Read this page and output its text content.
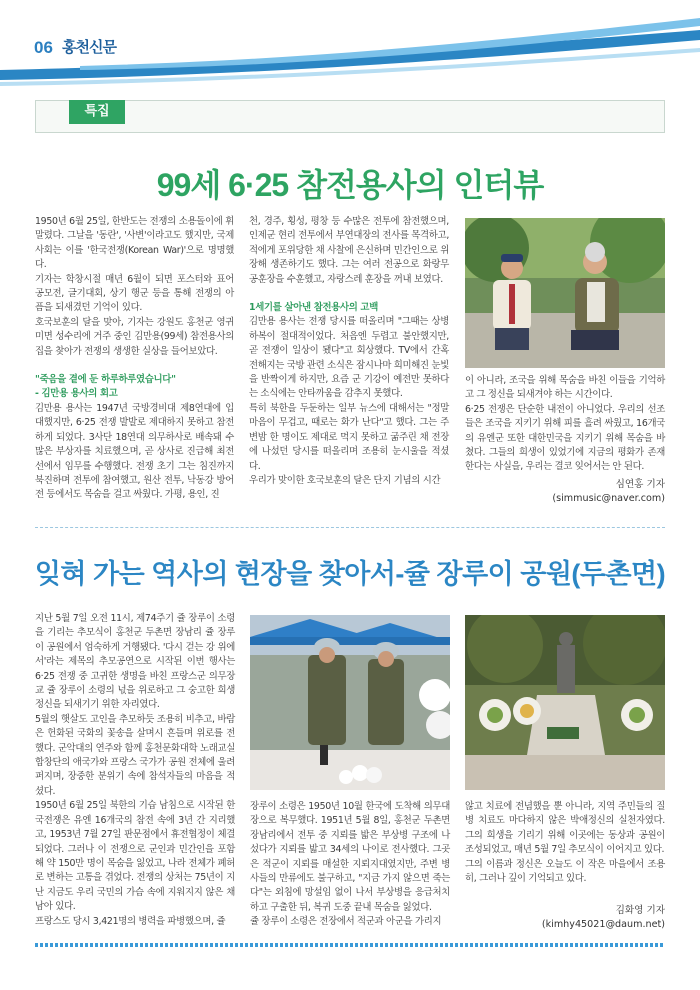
06 홍천신문
특집
99세 6·25 참전용사의 인터뷰

1950년 6월 25일, 한반도는 전쟁의 소용돌이에 휘말렸다. 그날을 '동란', '사변'이라고도 했지만, 국제사회는 이를 '한국전쟁(Korean War)'으로 명명했다.

기자는 학창시절 매년 6월이 되면 포스터와 표어 공모전, 글기대회, 상기 행군 등을 통해 전쟁의 아픔을 되새겼던 기억이 있다.

호국보훈의 달을 맞아, 기자는 강원도 홍천군 영귀미면 성수리에 거주 중인 김만용(99세) 참전용사의 집을 찾아가 전쟁의 생생한 실상을 들어보았다.

"죽음을 곁에 둔 하루하루였습니다"

- 김만용 용사의 회고

김만용 용사는 1947년 국방경비대 제8연대에 입대했지만, 6·25 전쟁 발발로 제대하지 못하고 참전하게 되었다. 3사단 18연대 의무하사로 배속돼 수많은 부상자를 치료했으며, 곧 상사로 진급해 최전선에서 임무를 수행했다. 전쟁 초기 그는 침진까지 북진하며 전투에 참여했고, 원산 전투, 낙동강 방어전 등에서도 목숨을 걸고 싸웠다. 가평, 용인, 진

천, 경주, 횡성, 평창 등 수많은 전투에 참전했으며, 인제군 현리 전투에서 부연대장의 전사를 목격하고, 적에게 포위당한 채 사찰에 은신하며 민간인으로 위장해 생존하기도 했다. 그는 여러 전공으로 화랑무공훈장을 수훈했고, 자랑스레 훈장을 꺼내 보였다.

1세기를 살아낸 참전용사의 고백

김만용 용사는 전쟁 당시를 떠올리며 "그때는 상병하복이 절대적이었다. 처음엔 두렵고 불안했지만, 곧 전쟁이 일상이 됐다"고 회상했다. TV에서 간혹 전해지는 국방 관련 소식은 잠시나마 희미해진 눈빛을 반짝이게 하지만, 요즘 군 기강이 예전만 못하다는 소식에는 안타까움을 감추지 못했다.

특히 북한을 두둔하는 일부 뉴스에 대해서는 "정말 마음이 무겁고, 때로는 화가 난다"고 했다. 그는 주변밤 한 명이도 제대로 먹지 못하고 굶주린 채 전장에 나섰던 당시를 떠올리며 조용히 눈시울을 적셨다.

우리가 맞이한 호국보훈의 달은 단지 기념의 시간

이 아니라, 조국을 위해 목숨을 바친 이들을 기억하고 그 정신을 되새겨야 하는 시간이다.

6·25 전쟁은 단순한 내전이 아니었다. 우리의 선조들은 조국을 지키기 위해 피를 흘려 싸웠고, 16개국의 유엔군 또한 대한민국을 지키기 위해 목숨을 바쳤다. 그들의 희생이 있었기에 지금의 평화가 존재한다는 사실을, 우리는 결코 잊어서는 안 된다.

심연홍 기자
(simmusic@naver.com)
잊혀 가는 역사의 현장을 찾아서-쥴 장루이 공원(두촌면)

지난 5월 7일 오전 11시, 제74주기 쥴 장루이 소령을 기리는 추모식이 홍천군 두촌면 장남리 쥴 장루이 공원에서 엄숙하게 거행됐다. '다시 걷는 강 위에서'라는 제목의 추모공연으로 시작된 이번 행사는 6·25 전쟁 중 고귀한 생명을 바친 프랑스군 의무장교 쥴 장루이 소령의 넋을 위로하고 그 숭고한 희생정신을 되새기기 위한 자리였다.

5월의 햇살도 고인을 추모하듯 조용히 비추고, 바람은 헌화된 국화의 꽃송을 살며시 흔들며 위로를 전했다. 군악대의 연주와 함께 홍천문화대학 노래교실 합창단의 애국가와 프랑스 국가가 공원 전체에 울려 퍼지며, 장중한 분위기 속에 참석자들의 마음을 적셨다.

1950년 6월 25일 북한의 기습 남침으로 시작된 한국전쟁은 유엔 16개국의 참전 속에 3년 간 지리했고, 1953년 7월 27일 판문점에서 휴전협정이 체결되었다. 그러나 이 전쟁으로 군인과 민간인을 포함해 약 150만 명이 목숨을 잃었고, 나라 전체가 폐허로 변하는 고통을 겪었다. 전쟁의 상처는 75년이 지난 지금도 우리 국민의 가슴 속에 지워지지 않은 채 남아 있다.

프랑스도 당시 3,421명의 병력을 파병했으며, 쥴

장루이 소령은 1950년 10월 한국에 도착해 의무대장으로 복무했다. 1951년 5월 8일, 홍천군 두촌면 장남리에서 전투 중 지뢰를 밟은 부상병 구조에 나섰다가 지뢰를 밟고 34세의 나이로 전사했다. 그곳은 적군이 지뢰를 매설한 지뢰지대였지만, 주변 병사들의 만류에도 불구하고, "지금 가지 않으면 죽는다"는 외침에 망설임 없이 나서 부상병을 응급처치하고 구출한 뒤, 복귀 도중 끝내 목숨을 잃었다.

쥴 장루이 소령은 전장에서 적군과 아군을 가리지

않고 치료에 전념했을 뿐 아니라, 지역 주민들의 질병 치료도 마다하지 않은 박애정신의 실천자였다. 그의 희생을 기리기 위해 이곳에는 동상과 공원이 조성되었고, 매년 5월 7일 추모식이 이어지고 있다.

그의 이름과 정신은 오늘도 이 작은 마을에서 조용히, 그러나 깊이 기억되고 있다.

김화영 기자
(kimhy45021@daum.net)
